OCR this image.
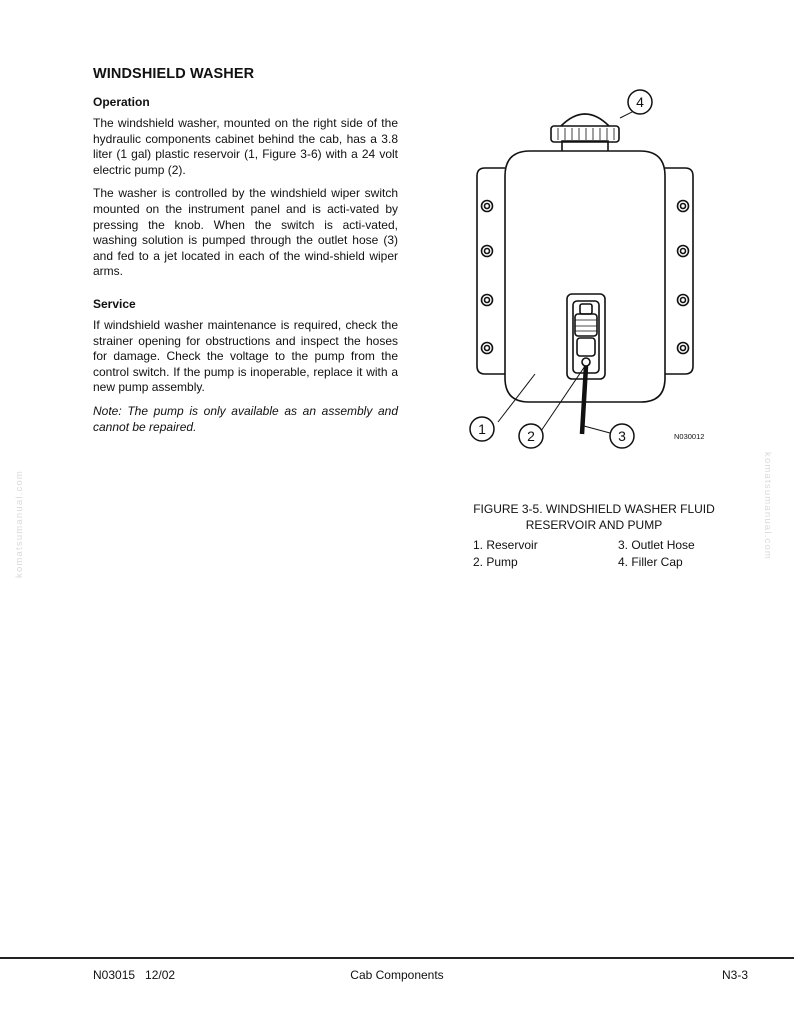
WINDSHIELD WASHER
Operation

The windshield washer, mounted on the right side of the hydraulic components cabinet behind the cab, has a 3.8 liter (1 gal) plastic reservoir (1, Figure 3-6) with a 24 volt electric pump (2).

The washer is controlled by the windshield wiper switch mounted on the instrument panel and is acti-vated by pressing the knob. When the switch is acti-vated, washing solution is pumped through the outlet hose (3) and fed to a jet located in each of the wind-shield wiper arms.

Service

If windshield washer maintenance is required, check the strainer opening for obstructions and inspect the hoses for damage. Check the voltage to the pump from the control switch. If the pump is inoperable, replace it with a new pump assembly.

Note: The pump is only available as an assembly and cannot be repaired.

4
1	2	3	N030012
FIGURE 3-5. WINDSHIELD WASHER FLUID
RESERVOIR AND PUMP
1. Reservoir	3. Outlet Hose
2. Pump	4. Filler Cap
komatsumanual.com	komatsumanual.com
N03015   12/02	Cab Components	N3-3
